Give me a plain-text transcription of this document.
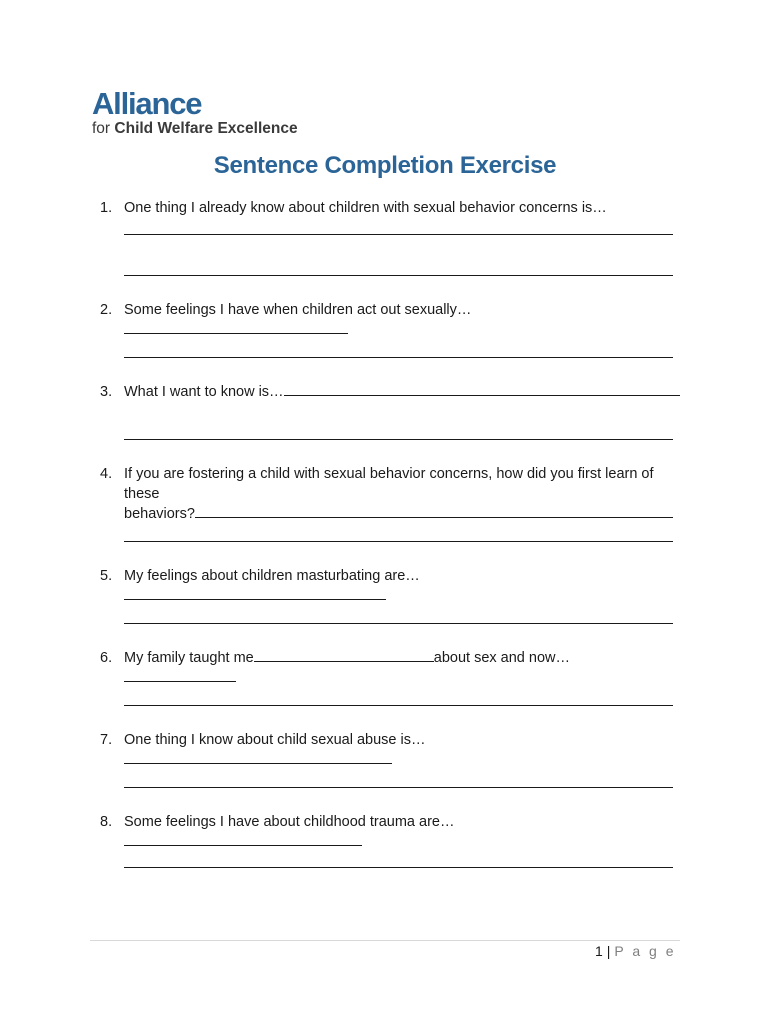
Alliance
for Child Welfare Excellence
Sentence Completion Exercise
1. One thing I already know about children with sexual behavior concerns is…
2. Some feelings I have when children act out sexually…
3. What I want to know is…
4. If you are fostering a child with sexual behavior concerns, how did you first learn of these
behaviors?
5. My feelings about children masturbating are…
6. My family taught me	about sex and now…
7. One thing I know about child sexual abuse is…
8. Some feelings I have about childhood trauma are…
1 | P a g e
